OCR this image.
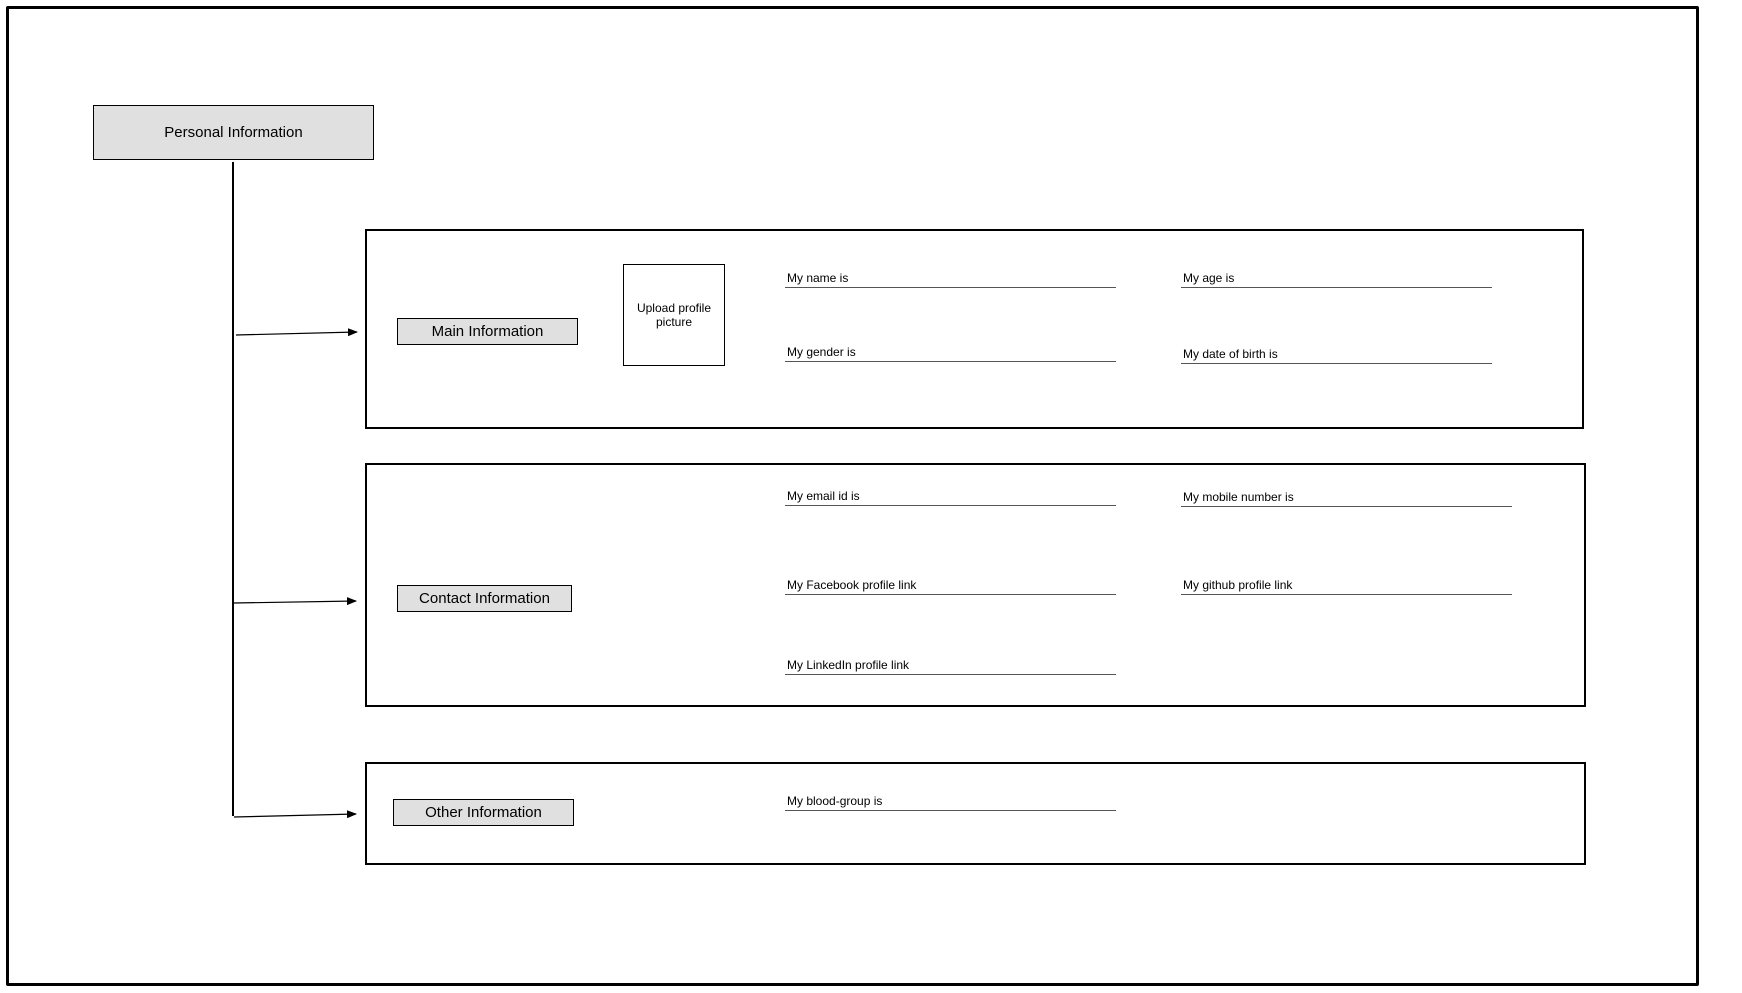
Personal Information
Main Information
Upload profile picture
My name is	My age is
My gender is	My date of birth is
Contact Information
My email id is	My mobile number is
My Facebook profile link	My github profile link
My LinkedIn profile link
Other Information
My blood-group is
